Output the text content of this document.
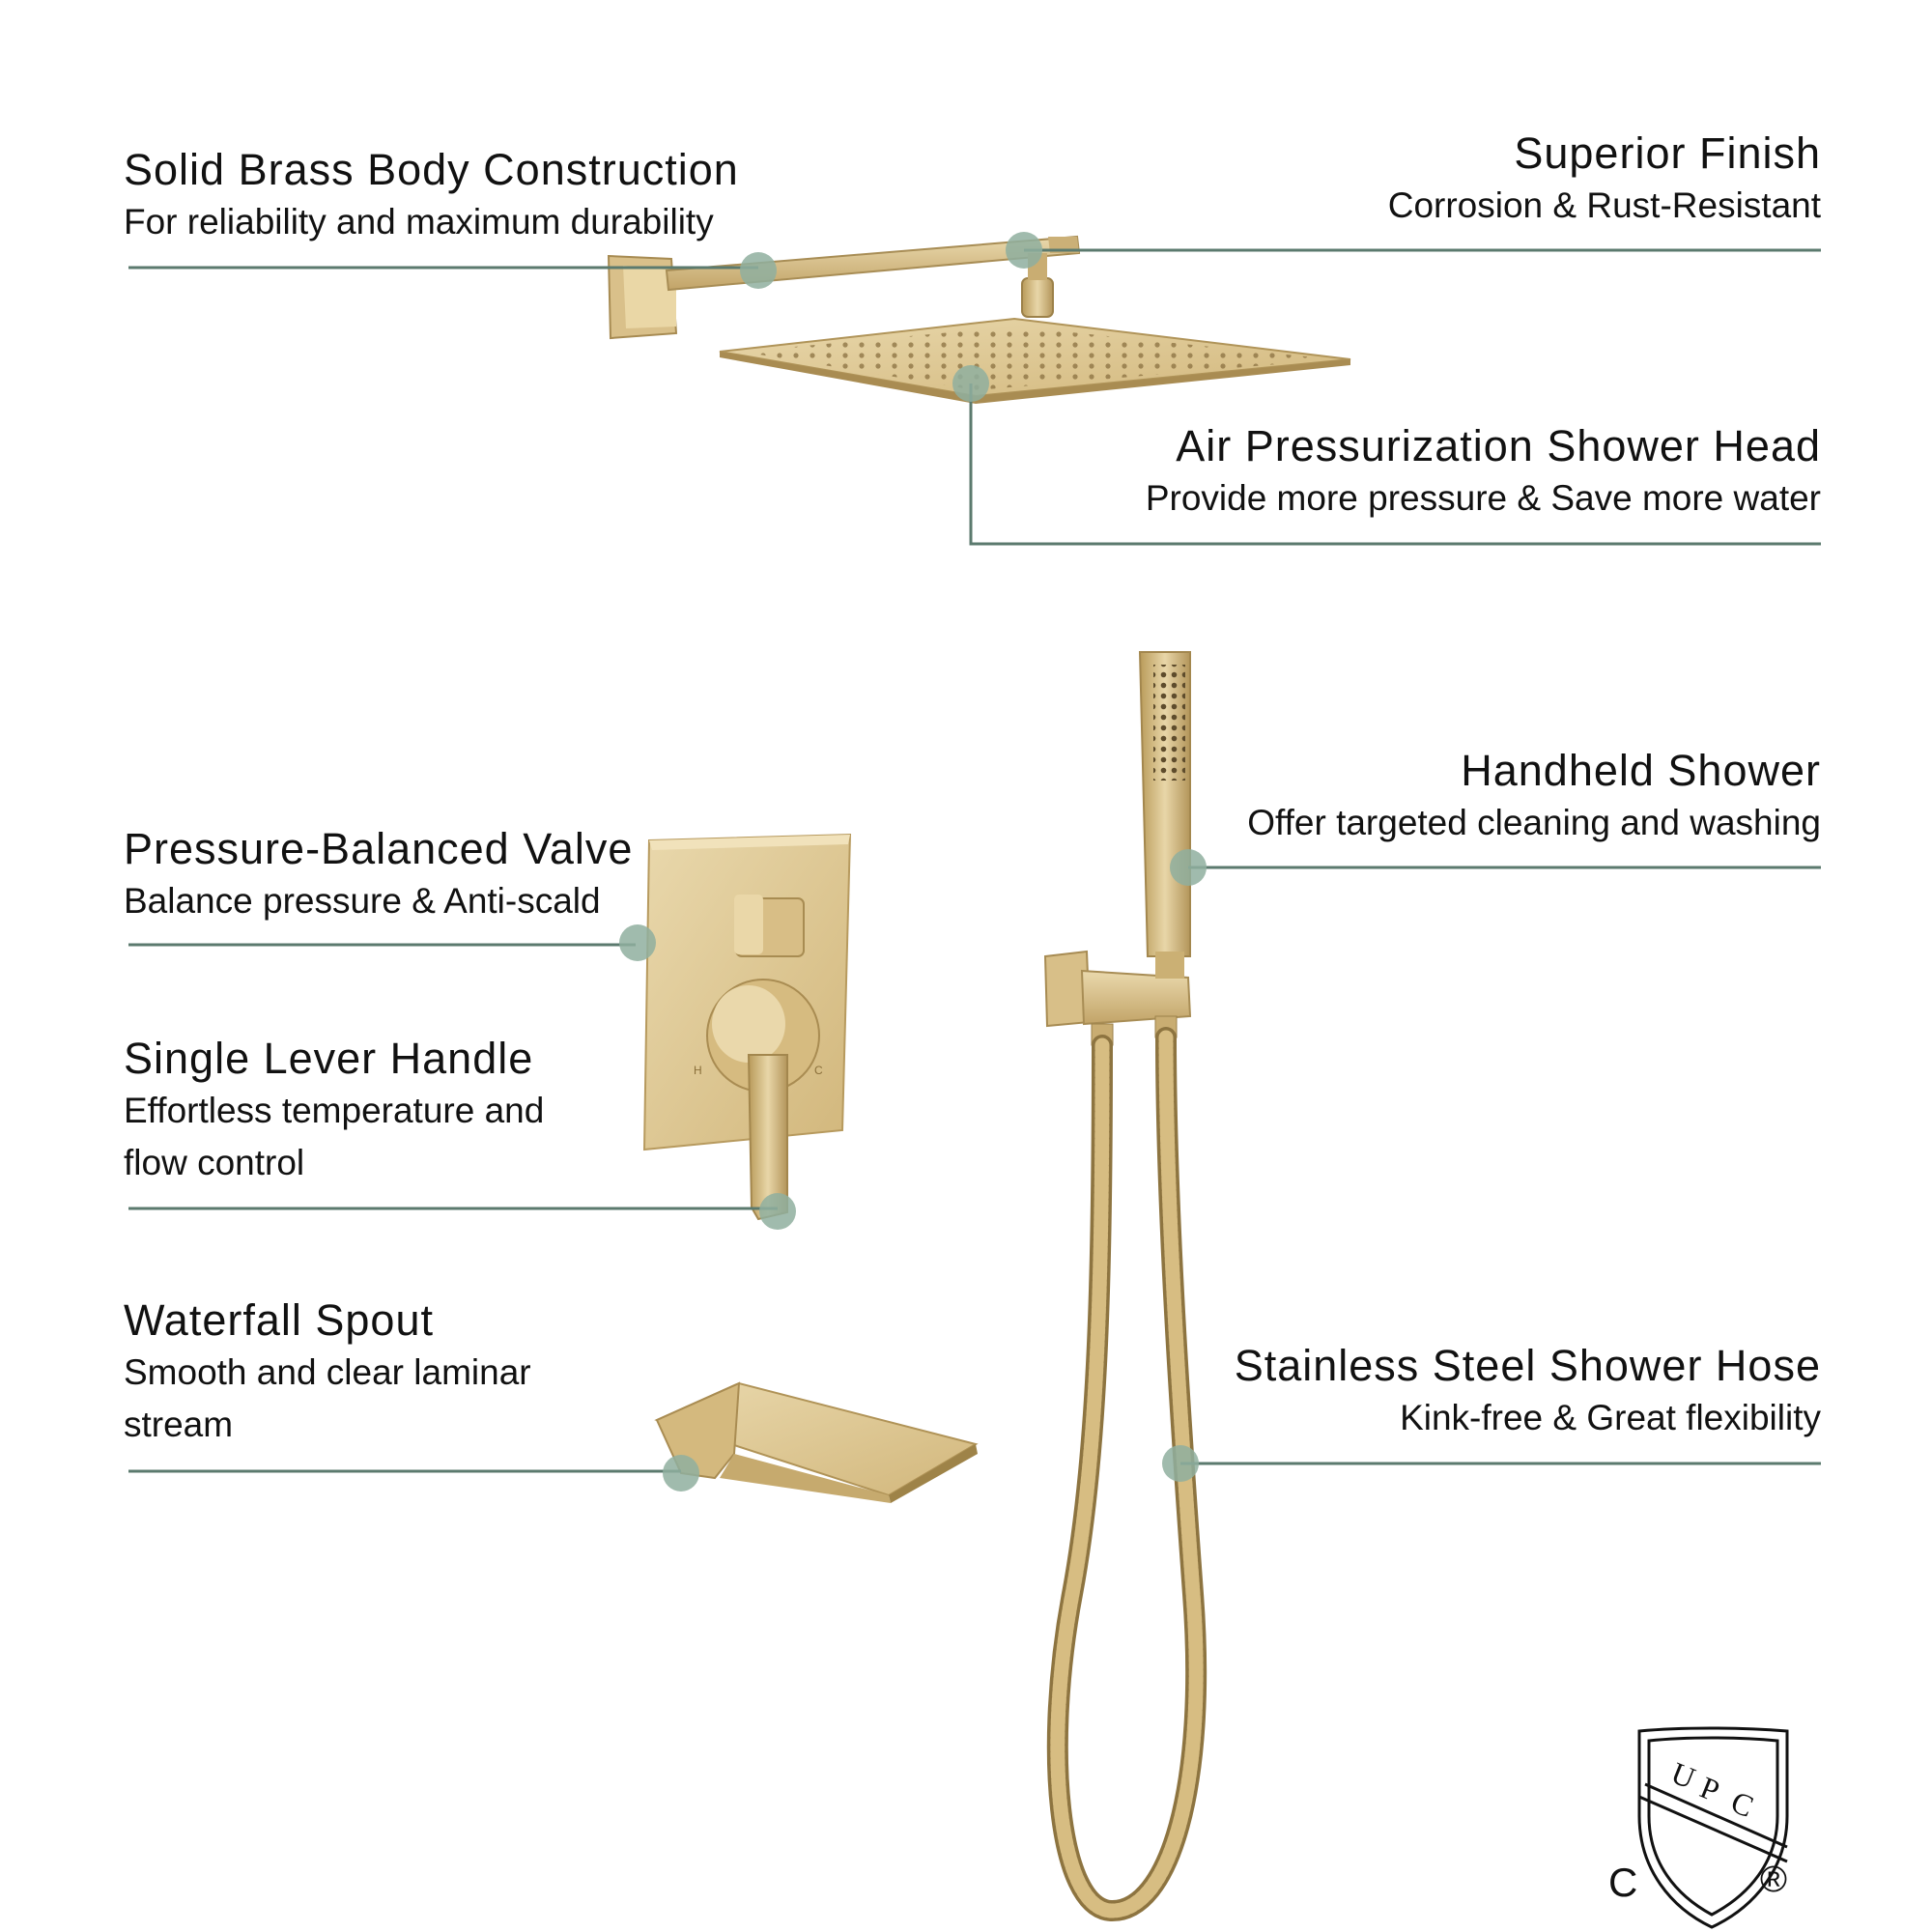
H	C
U
P C
Solid Brass Body Construction
For reliability and maximum durability
Superior Finish
Corrosion & Rust-Resistant
Air Pressurization Shower Head
Provide more pressure & Save more water
Handheld Shower
Offer targeted cleaning and washing
Pressure-Balanced Valve
Balance pressure & Anti-scald
Single Lever Handle
Effortless temperature and
flow control
Waterfall Spout
Smooth and clear laminar
stream
Stainless Steel Shower Hose
Kink-free & Great flexibility
C	®
